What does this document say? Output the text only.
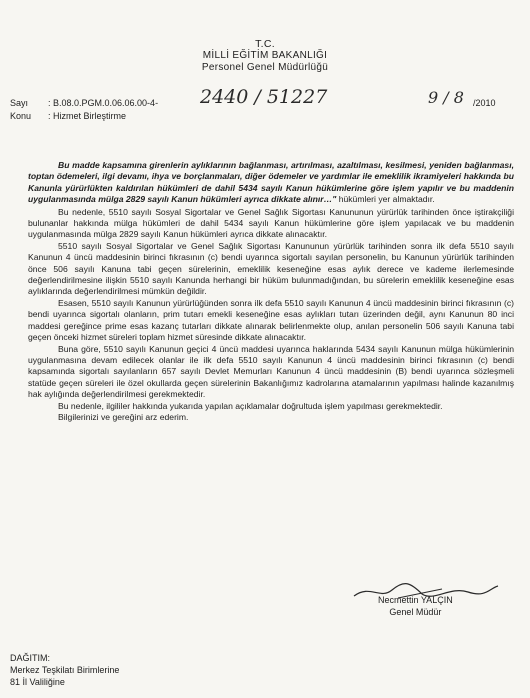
T.C.
MİLLİ EĞİTİM BAKANLIĞI
Personel Genel Müdürlüğü
Sayı : B.08.0.PGM.0.06.06.00-4- 2440 / 51227	9 / 8 /2010
Konu : Hizmet Birleştirme

Bu madde kapsamına girenlerin aylıklarının bağlanması, artırılması, azaltılması, kesilmesi, yeniden bağlanması, toptan ödemeleri, ilgi devamı, ihya ve borçlanmaları, diğer ödemeler ve yardımlar ile emeklilik ikramiyeleri hakkında bu Kanunla yürürlükten kaldırılan hükümleri de dahil 5434 sayılı Kanun hükümlerine göre işlem yapılır ve bu maddenin uygulanmasında mülga 2829 sayılı Kanun hükümleri ayrıca dikkate alınır…" hükümleri yer almaktadır.

Bu nedenle, 5510 sayılı Sosyal Sigortalar ve Genel Sağlık Sigortası Kanununun yürürlük tarihinden önce iştirakçiliği bulunanlar hakkında mülga hükümleri de dahil 5434 sayılı Kanun hükümlerine göre işlem yapılacak ve bu maddenin uygulanmasında mülga 2829 sayılı Kanun hükümleri ayrıca dikkate alınacaktır.

5510 sayılı Sosyal Sigortalar ve Genel Sağlık Sigortası Kanununun yürürlük tarihinden sonra ilk defa 5510 sayılı Kanunun 4 üncü maddesinin birinci fıkrasının (c) bendi uyarınca sigortalı sayılan personelin, bu Kanunun yürürlük tarihinden önce 506 sayılı Kanuna tabi geçen sürelerinin, emeklilik keseneğine esas aylık derece ve kademe ilerlemesinde değerlendirilmesine ilişkin 5510 sayılı Kanunda herhangi bir hüküm bulunmadığından, bu sürelerin emeklilik keseneğine esas aylıklarında değerlendirilmesi mümkün değildir.

Esasen, 5510 sayılı Kanunun yürürlüğünden sonra ilk defa 5510 sayılı Kanunun 4 üncü maddesinin birinci fıkrasının (c) bendi uyarınca sigortalı olanların, prim tutarı emekli keseneğine esas aylıkları tutarı üzerinden değil, aynı Kanunun 80 inci maddesi gereğince prime esas kazanç tutarları dikkate alınarak belirlenmekte olup, anılan personelin 506 sayılı Kanuna tabi geçen önceki hizmet süreleri toplam hizmet süresinde dikkate alınacaktır.

Buna göre, 5510 sayılı Kanunun geçici 4 üncü maddesi uyarınca haklarında 5434 sayılı Kanunun mülga hükümlerinin uygulanmasına devam edilecek olanlar ile ilk defa 5510 sayılı Kanunun 4 üncü maddesinin birinci fıkrasının (c) bendi kapsamında sigortalı sayılanların 657 sayılı Devlet Memurları Kanunun 4 üncü maddesinin (B) bendi uyarınca sözleşmeli statüde geçen süreleri ile özel okullarda geçen sürelerinin Bakanlığımız kadrolarına atamalarının yapılması halinde kazanılmış hak aylığında değerlendirilmesi gerekmektedir.

Bu nedenle, ilgililer hakkında yukarıda yapılan açıklamalar doğrultuda işlem yapılması gerekmektedir.

Bilgilerinizi ve gereğini arz ederim.

Necmettin YALÇIN
Genel Müdür
DAĞITIM:
Merkez Teşkilatı Birimlerine
81 İl Valiliğine
